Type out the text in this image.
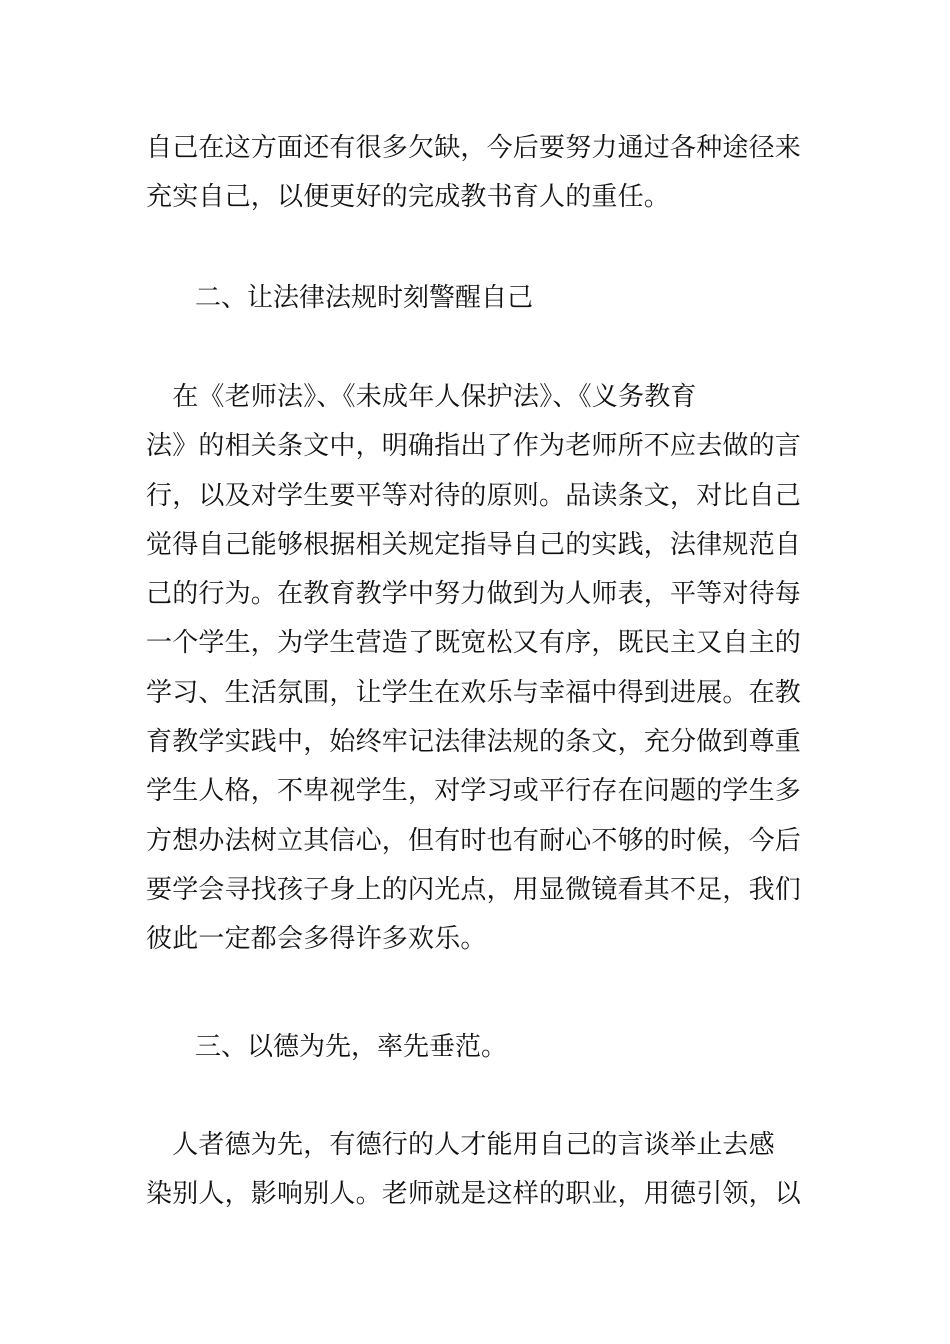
自己在这方面还有很多欠缺，今后要努力通过各种途径来
充实自己，以便更好的完成教书育人的重任。
二、让法律法规时刻警醒自己
　在《老师法》、《未成年人保护法》、《义务教育
法》的相关条文中，明确指出了作为老师所不应去做的言
行，以及对学生要平等对待的原则。品读条文，对比自己
觉得自己能够根据相关规定指导自己的实践，法律规范自
己的行为。在教育教学中努力做到为人师表，平等对待每
一个学生，为学生营造了既宽松又有序，既民主又自主的
学习、生活氛围，让学生在欢乐与幸福中得到进展。在教
育教学实践中，始终牢记法律法规的条文，充分做到尊重
学生人格，不卑视学生，对学习或平行存在问题的学生多
方想办法树立其信心，但有时也有耐心不够的时候，今后
要学会寻找孩子身上的闪光点，用显微镜看其不足，我们
彼此一定都会多得许多欢乐。
三、以德为先，率先垂范。
　人者德为先，有德行的人才能用自己的言谈举止去感
染别人，影响别人。老师就是这样的职业，用德引领，以
